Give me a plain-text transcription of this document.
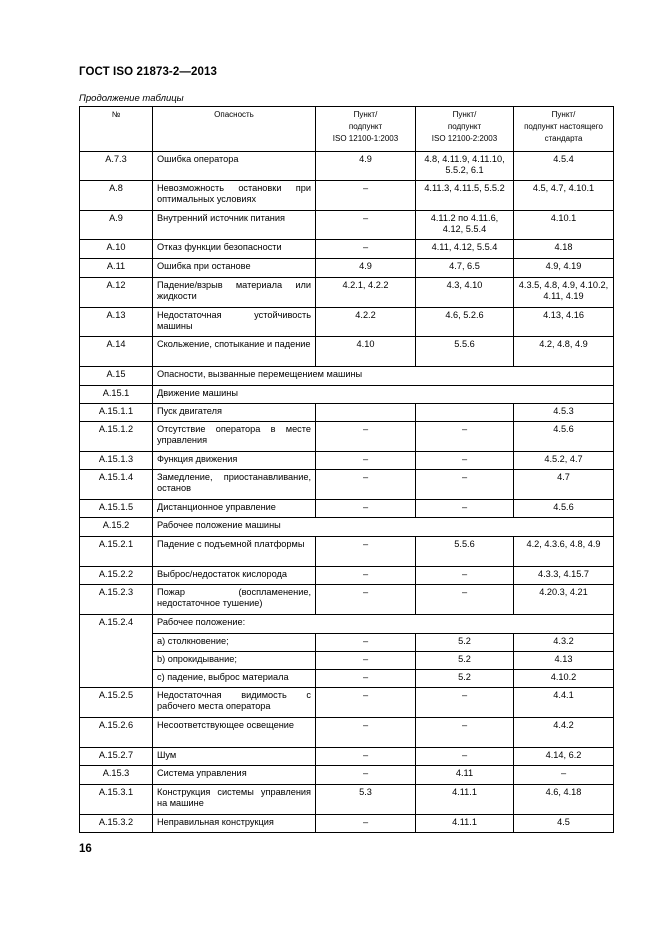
ГОСТ ISO 21873-2—2013
Продолжение таблицы
№	Опасность	Пункт/
подпункт
ISO 12100-1:2003	Пункт/
подпункт
ISO 12100-2:2003	Пункт/
подпункт настоящего
стандарта
A.7.3	Ошибка оператора	4.9	4.8, 4.11.9, 4.11.10, 5.5.2, 6.1	4.5.4
A.8	Невозможность остановки при оптимальных условиях	–	4.11.3, 4.11.5, 5.5.2	4.5, 4.7, 4.10.1
A.9	Внутренний источник питания	–	4.11.2 по 4.11.6, 4.12, 5.5.4	4.10.1
A.10	Отказ функции безопасности	–	4.11, 4.12, 5.5.4	4.18
A.11	Ошибка при останове	4.9	4.7, 6.5	4.9, 4.19
A.12	Падение/взрыв материала или жидкости	4.2.1, 4.2.2	4.3, 4.10	4.3.5, 4.8, 4.9, 4.10.2, 4.11, 4.19
A.13	Недостаточная устойчивость машины	4.2.2	4.6, 5.2.6	4.13, 4.16
A.14	Скольжение, спотыкание и падение	4.10	5.5.6	4.2, 4.8, 4.9
A.15	Опасности, вызванные перемещением машины			
A.15.1	Движение машины			
A.15.1.1	Пуск двигателя			4.5.3
A.15.1.2	Отсутствие оператора в месте управления	–	–	4.5.6
A.15.1.3	Функция движения	–	–	4.5.2, 4.7
A.15.1.4	Замедление, приостанавливание, останов	–	–	4.7
A.15.1.5	Дистанционное управление	–	–	4.5.6
A.15.2	Рабочее положение машины			
A.15.2.1	Падение с подъемной платформы	–	5.5.6	4.2, 4.3.6, 4.8, 4.9
A.15.2.2	Выброс/недостаток кислорода	–	–	4.3.3, 4.15.7
A.15.2.3	Пожар (воспламенение, недостаточное тушение)	–	–	4.20.3, 4.21
A.15.2.4	Рабочее положение:			
	a) столкновение;	–	5.2	4.3.2
	b) опрокидывание;	–	5.2	4.13
	c) падение, выброс материала	–	5.2	4.10.2
A.15.2.5	Недостаточная видимость с рабочего места оператора	–	–	4.4.1
A.15.2.6	Несоответствующее освещение	–	–	4.4.2
A.15.2.7	Шум	–	–	4.14, 6.2
A.15.3	Система управления	–	4.11	–
A.15.3.1	Конструкция системы управления на машине	5.3	4.11.1	4.6, 4.18
A.15.3.2	Неправильная конструкция	–	4.11.1	4.5
16
